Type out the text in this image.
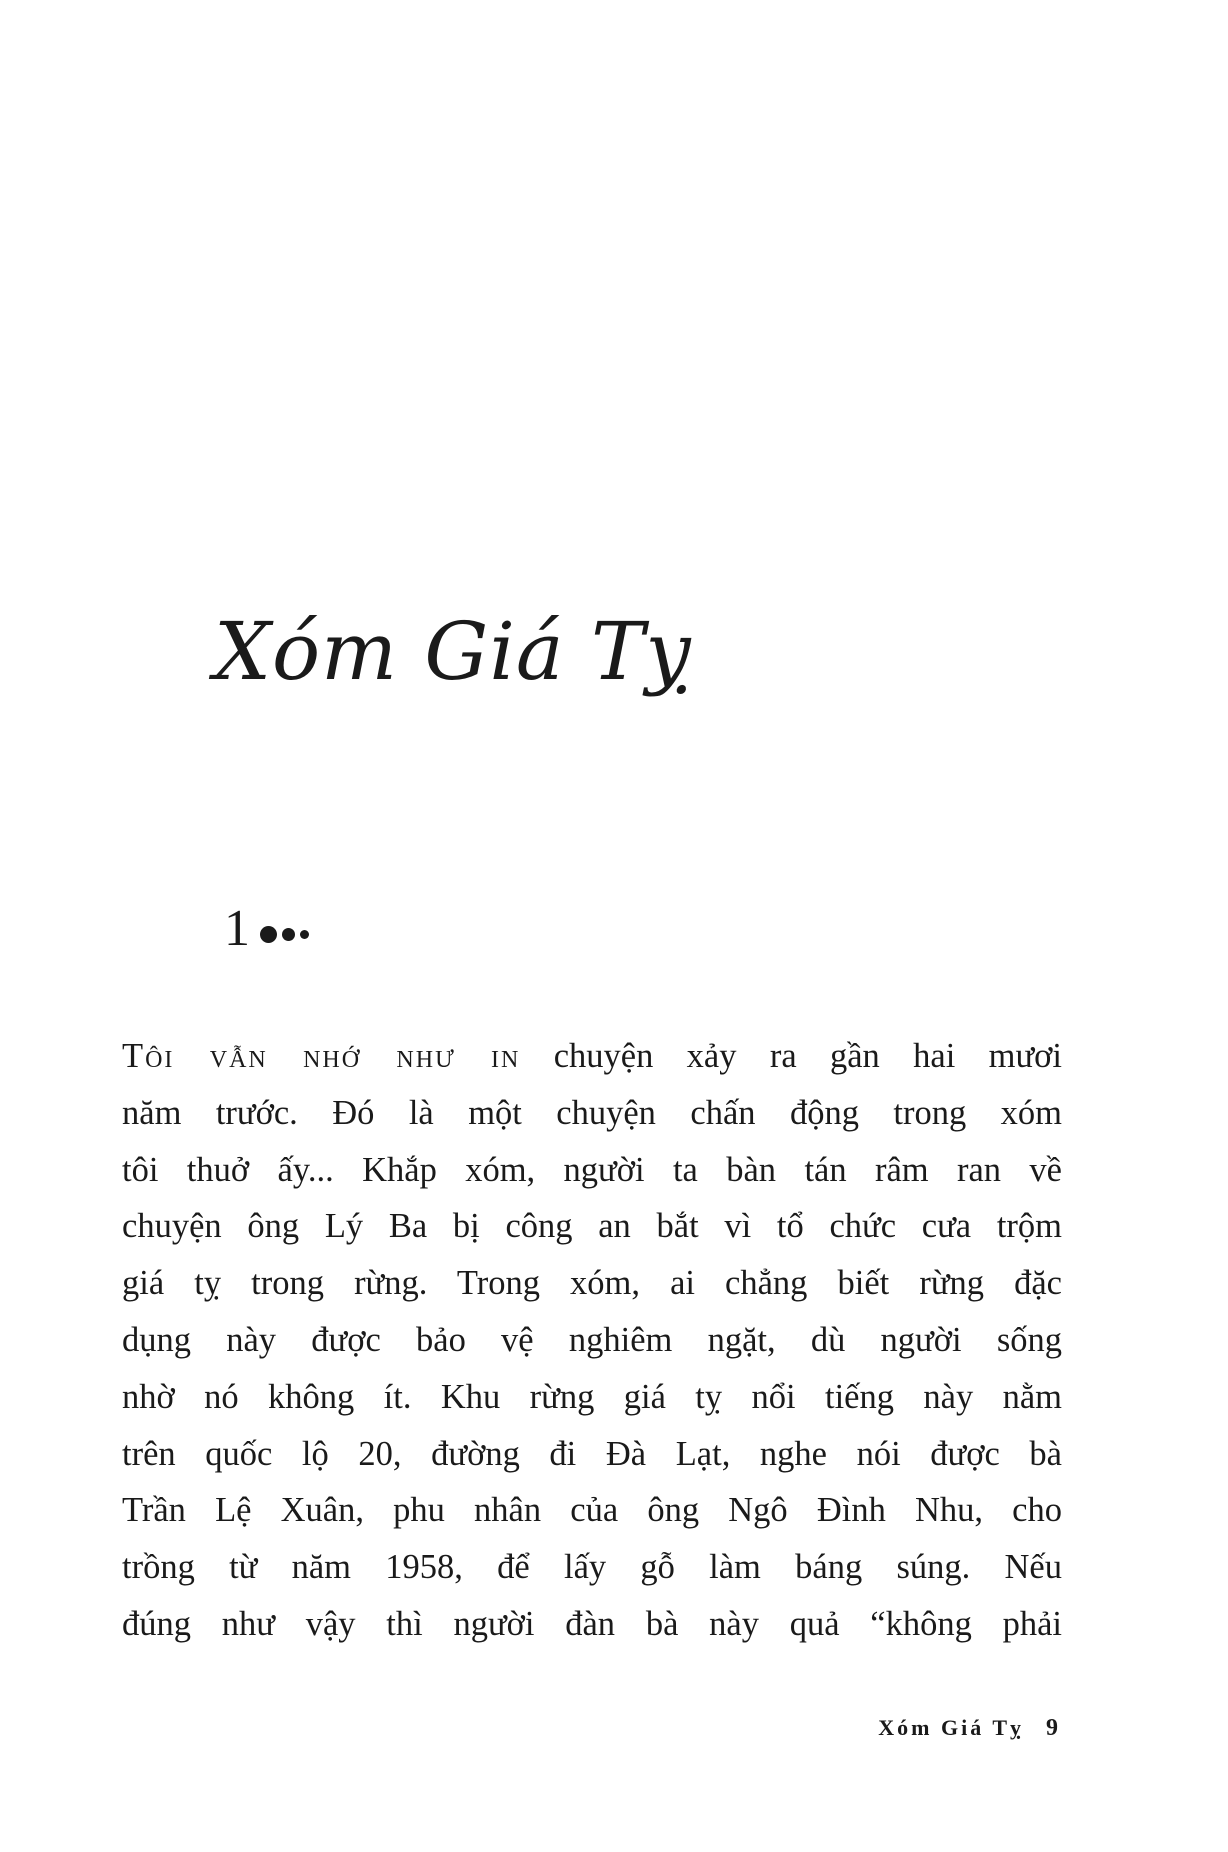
Xóm Giá Tỵ
1
Tôi vẫn nhớ như in chuyện xảy ra gần hai mươi
năm trước. Đó là một chuyện chấn động trong xóm
tôi thuở ấy... Khắp xóm, người ta bàn tán râm ran về
chuyện ông Lý Ba bị công an bắt vì tổ chức cưa trộm
giá tỵ trong rừng. Trong xóm, ai chẳng biết rừng đặc
dụng này được bảo vệ nghiêm ngặt, dù người sống
nhờ nó không ít. Khu rừng giá tỵ nổi tiếng này nằm
trên quốc lộ 20, đường đi Đà Lạt, nghe nói được bà
Trần Lệ Xuân, phu nhân của ông Ngô Đình Nhu, cho
trồng từ năm 1958, để lấy gỗ làm báng súng. Nếu
đúng như vậy thì người đàn bà này quả “không phải
Xóm Giá Tỵ 9
